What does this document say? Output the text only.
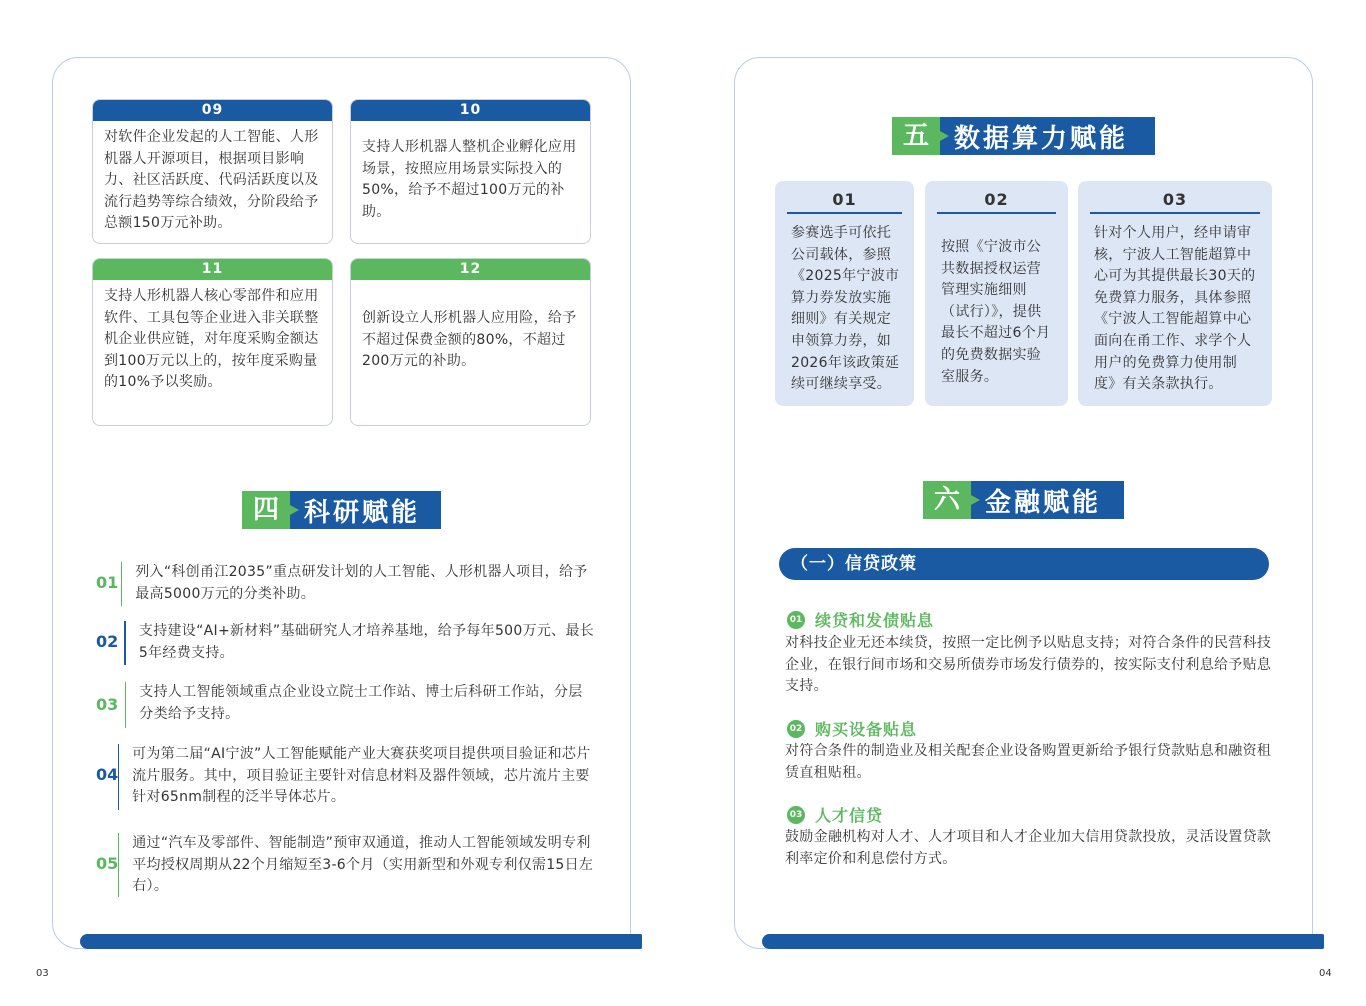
03
09
对软件企业发起的人工智能、人形机器人开源项目，根据项目影响力、社区活跃度、代码活跃度以及流行趋势等综合绩效，分阶段给予总额150万元补助。
10
支持人形机器人整机企业孵化应用场景，按照应用场景实际投入的50%，给予不超过100万元的补助。
11
支持人形机器人核心零部件和应用软件、工具包等企业进入非关联整机企业供应链，对年度采购金额达到100万元以上的，按年度采购量的10%予以奖励。
12
创新设立人形机器人应用险，给予不超过保费金额的80%，不超过200万元的补助。
四 科研赋能
01
列入“科创甬江2035”重点研发计划的人工智能、人形机器人项目，给予最高5000万元的分类补助。
02
支持建设“AI+新材料”基础研究人才培养基地，给予每年500万元、最长5年经费支持。
03
支持人工智能领域重点企业设立院士工作站、博士后科研工作站，分层分类给予支持。
04
可为第二届“AI宁波”人工智能赋能产业大赛获奖项目提供项目验证和芯片流片服务。其中，项目验证主要针对信息材料及器件领域，芯片流片主要针对65nm制程的泛半导体芯片。
05
通过“汽车及零部件、智能制造”预审双通道，推动人工智能领域发明专利平均授权周期从22个月缩短至3-6个月（实用新型和外观专利仅需15日左右）。
04
五 数据算力赋能
01
参赛选手可依托公司载体，参照《2025年宁波市算力券发放实施细则》有关规定申领算力券，如2026年该政策延续可继续享受。
02
按照《宁波市公共数据授权运营管理实施细则（试行）》，提供最长不超过6个月的免费数据实验室服务。
03
针对个人用户，经申请审核，宁波人工智能超算中心可为其提供最长30天的免费算力服务，具体参照《宁波人工智能超算中心面向在甬工作、求学个人用户的免费算力使用制度》有关条款执行。
六 金融赋能
（一）信贷政策
01 续贷和发债贴息
对科技企业无还本续贷，按照一定比例予以贴息支持；对符合条件的民营科技企业，在银行间市场和交易所债券市场发行债券的，按实际支付利息给予贴息支持。
02 购买设备贴息
对符合条件的制造业及相关配套企业设备购置更新给予银行贷款贴息和融资租赁直租贴租。
03 人才信贷
鼓励金融机构对人才、人才项目和人才企业加大信用贷款投放，灵活设置贷款利率定价和利息偿付方式。
